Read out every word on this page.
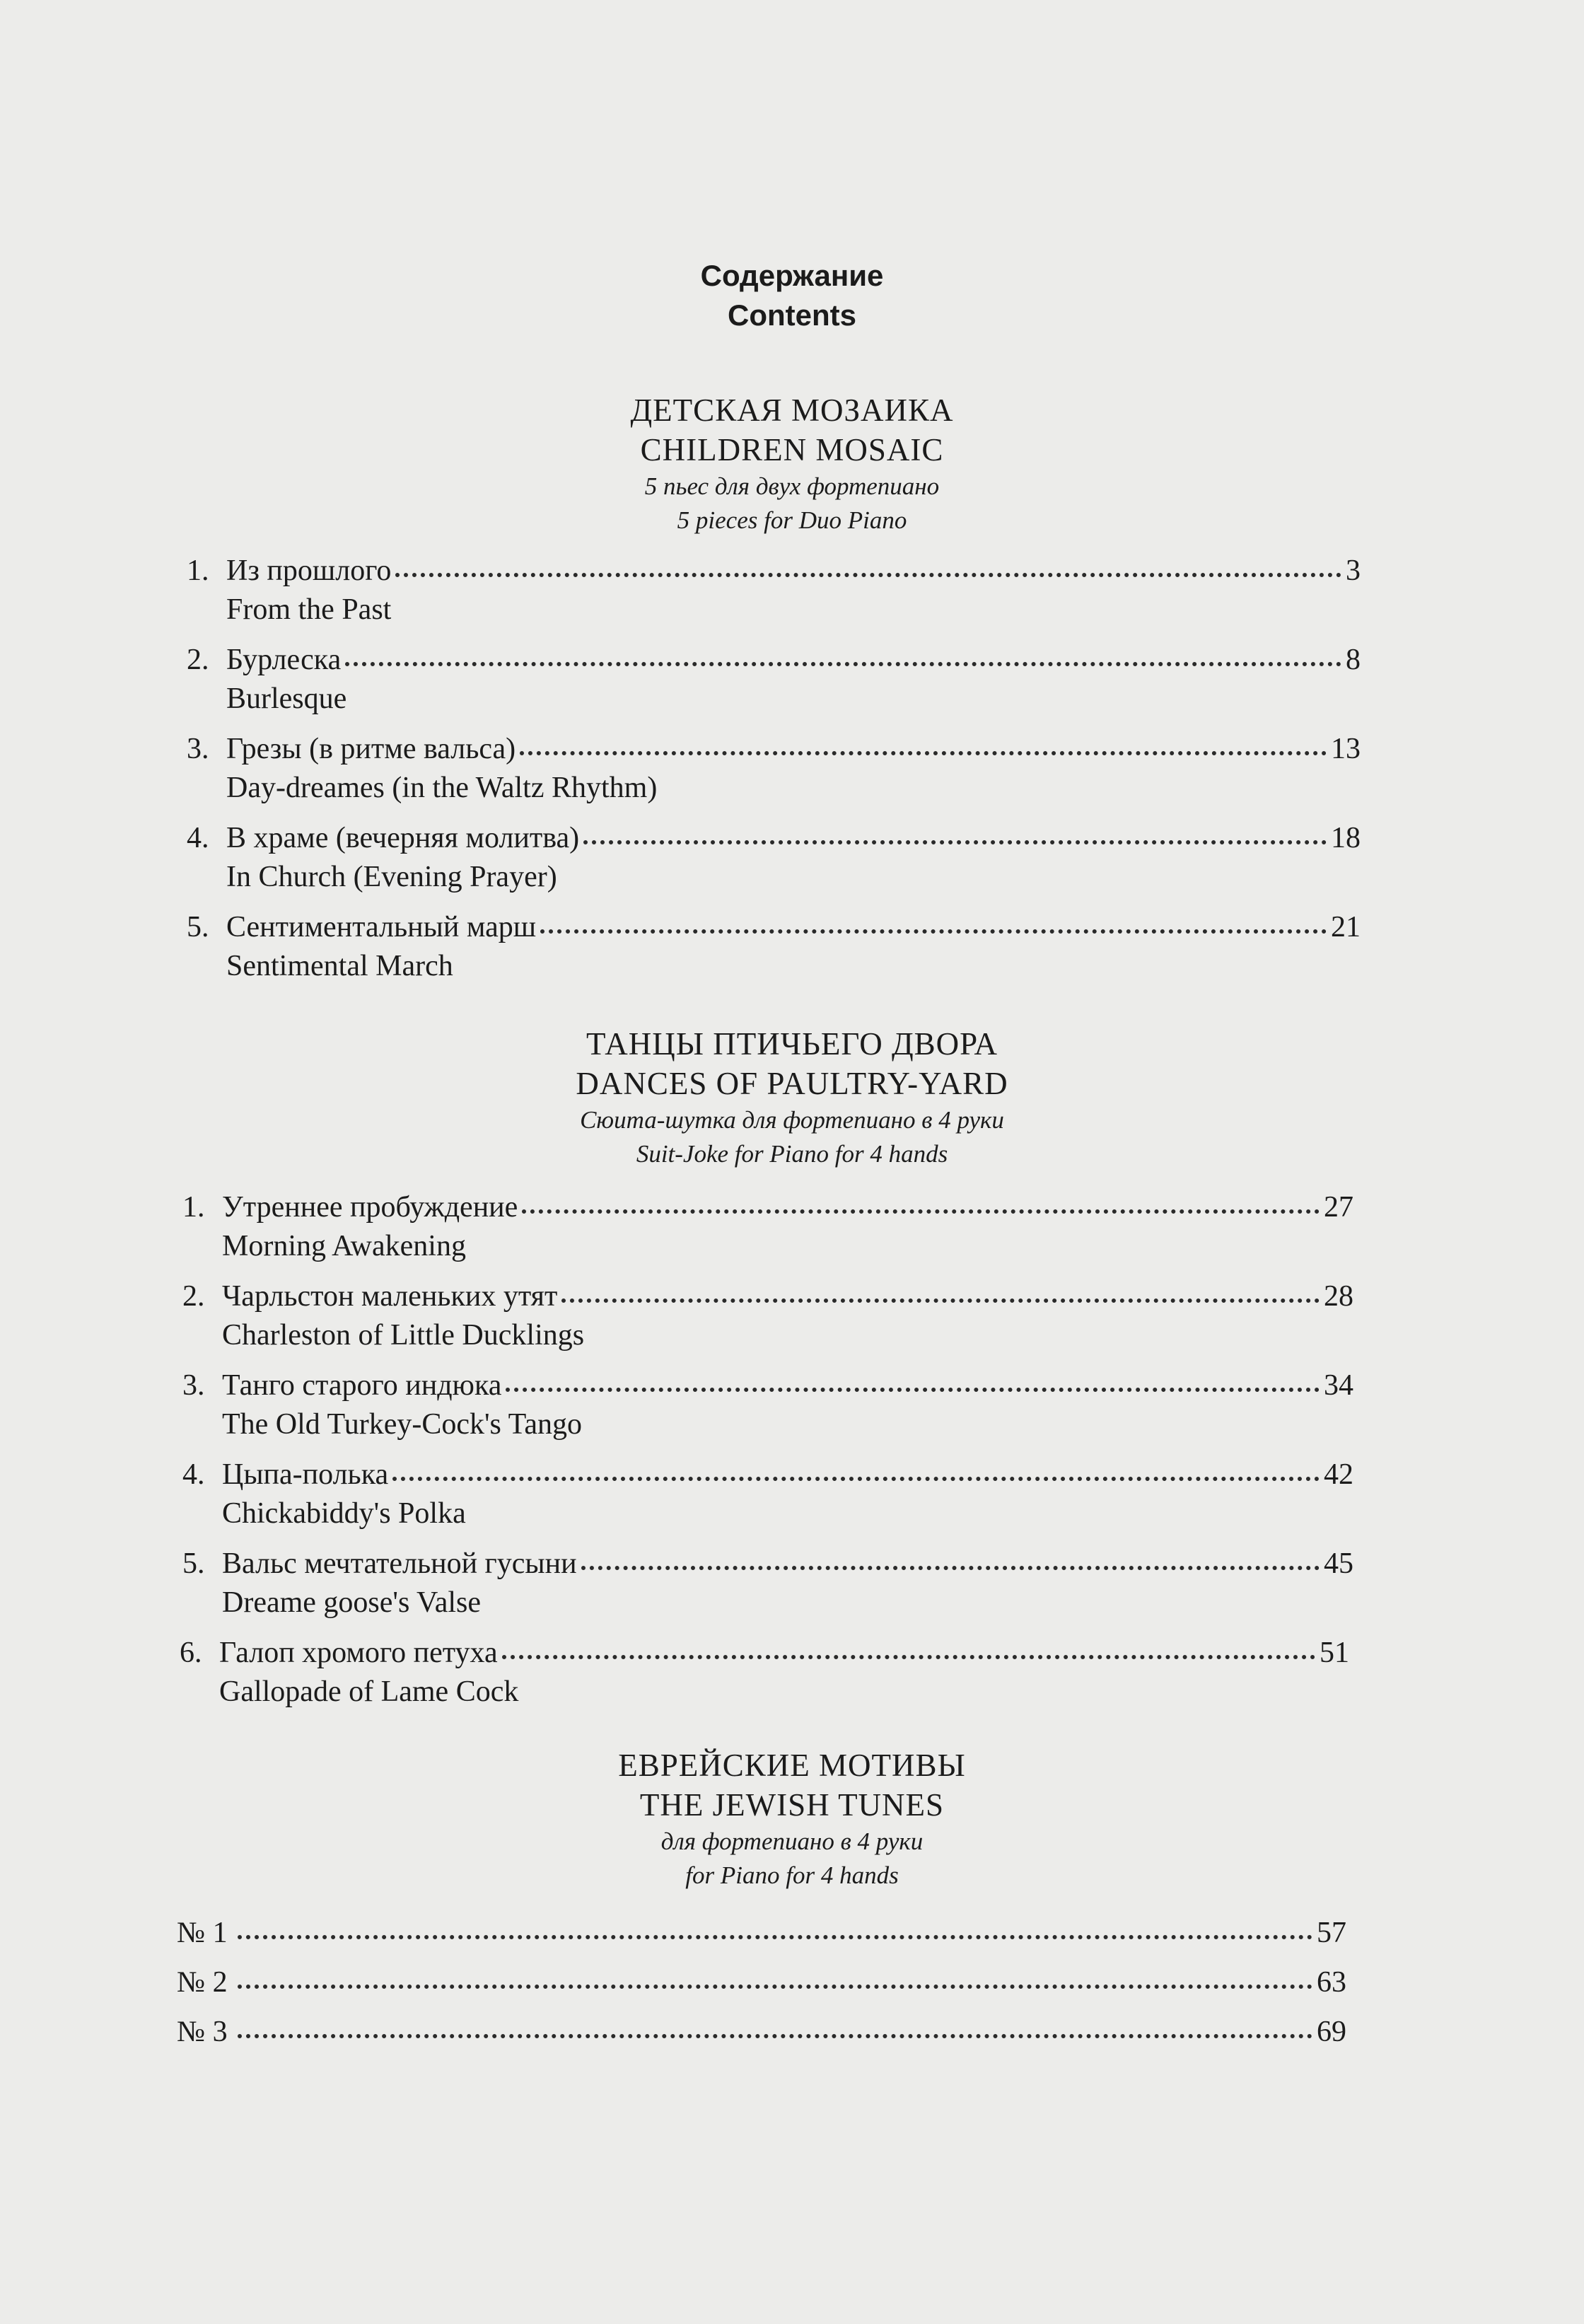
Содержание
Contents
ДЕТСКАЯ МОЗАИКА
CHILDREN MOSAIC
5 пьес для двух фортепиано
5 pieces for Duo Piano
1. Из прошлого	3
From the Past
2. Бурлеска	8
Burlesque
3. Грезы (в ритме вальса)	13
Day-dreames (in the Waltz Rhythm)
4. В храме (вечерняя молитва)	18
In Church (Evening Prayer)
5. Сентиментальный марш	21
Sentimental March
ТАНЦЫ ПТИЧЬЕГО ДВОРА
DANCES OF PAULTRY-YARD
Сюита-шутка для фортепиано в 4 руки
Suit-Joke for Piano for 4 hands
1. Утреннее пробуждение	27
Morning Awakening
2. Чарльстон маленьких утят	28
Charleston of Little Ducklings
3. Танго старого индюка	34
The Old Turkey-Cock's Tango
4. Цыпа-полька	42
Chickabiddy's Polka
5. Вальс мечтательной гусыни	45
Dreame goose's Valse
6. Галоп хромого петуха	51
Gallopade of Lame Cock
ЕВРЕЙСКИЕ МОТИВЫ
THE JEWISH TUNES
для фортепиано в 4 руки
for Piano for 4 hands
№ 1	57
№ 2	63
№ 3	69
